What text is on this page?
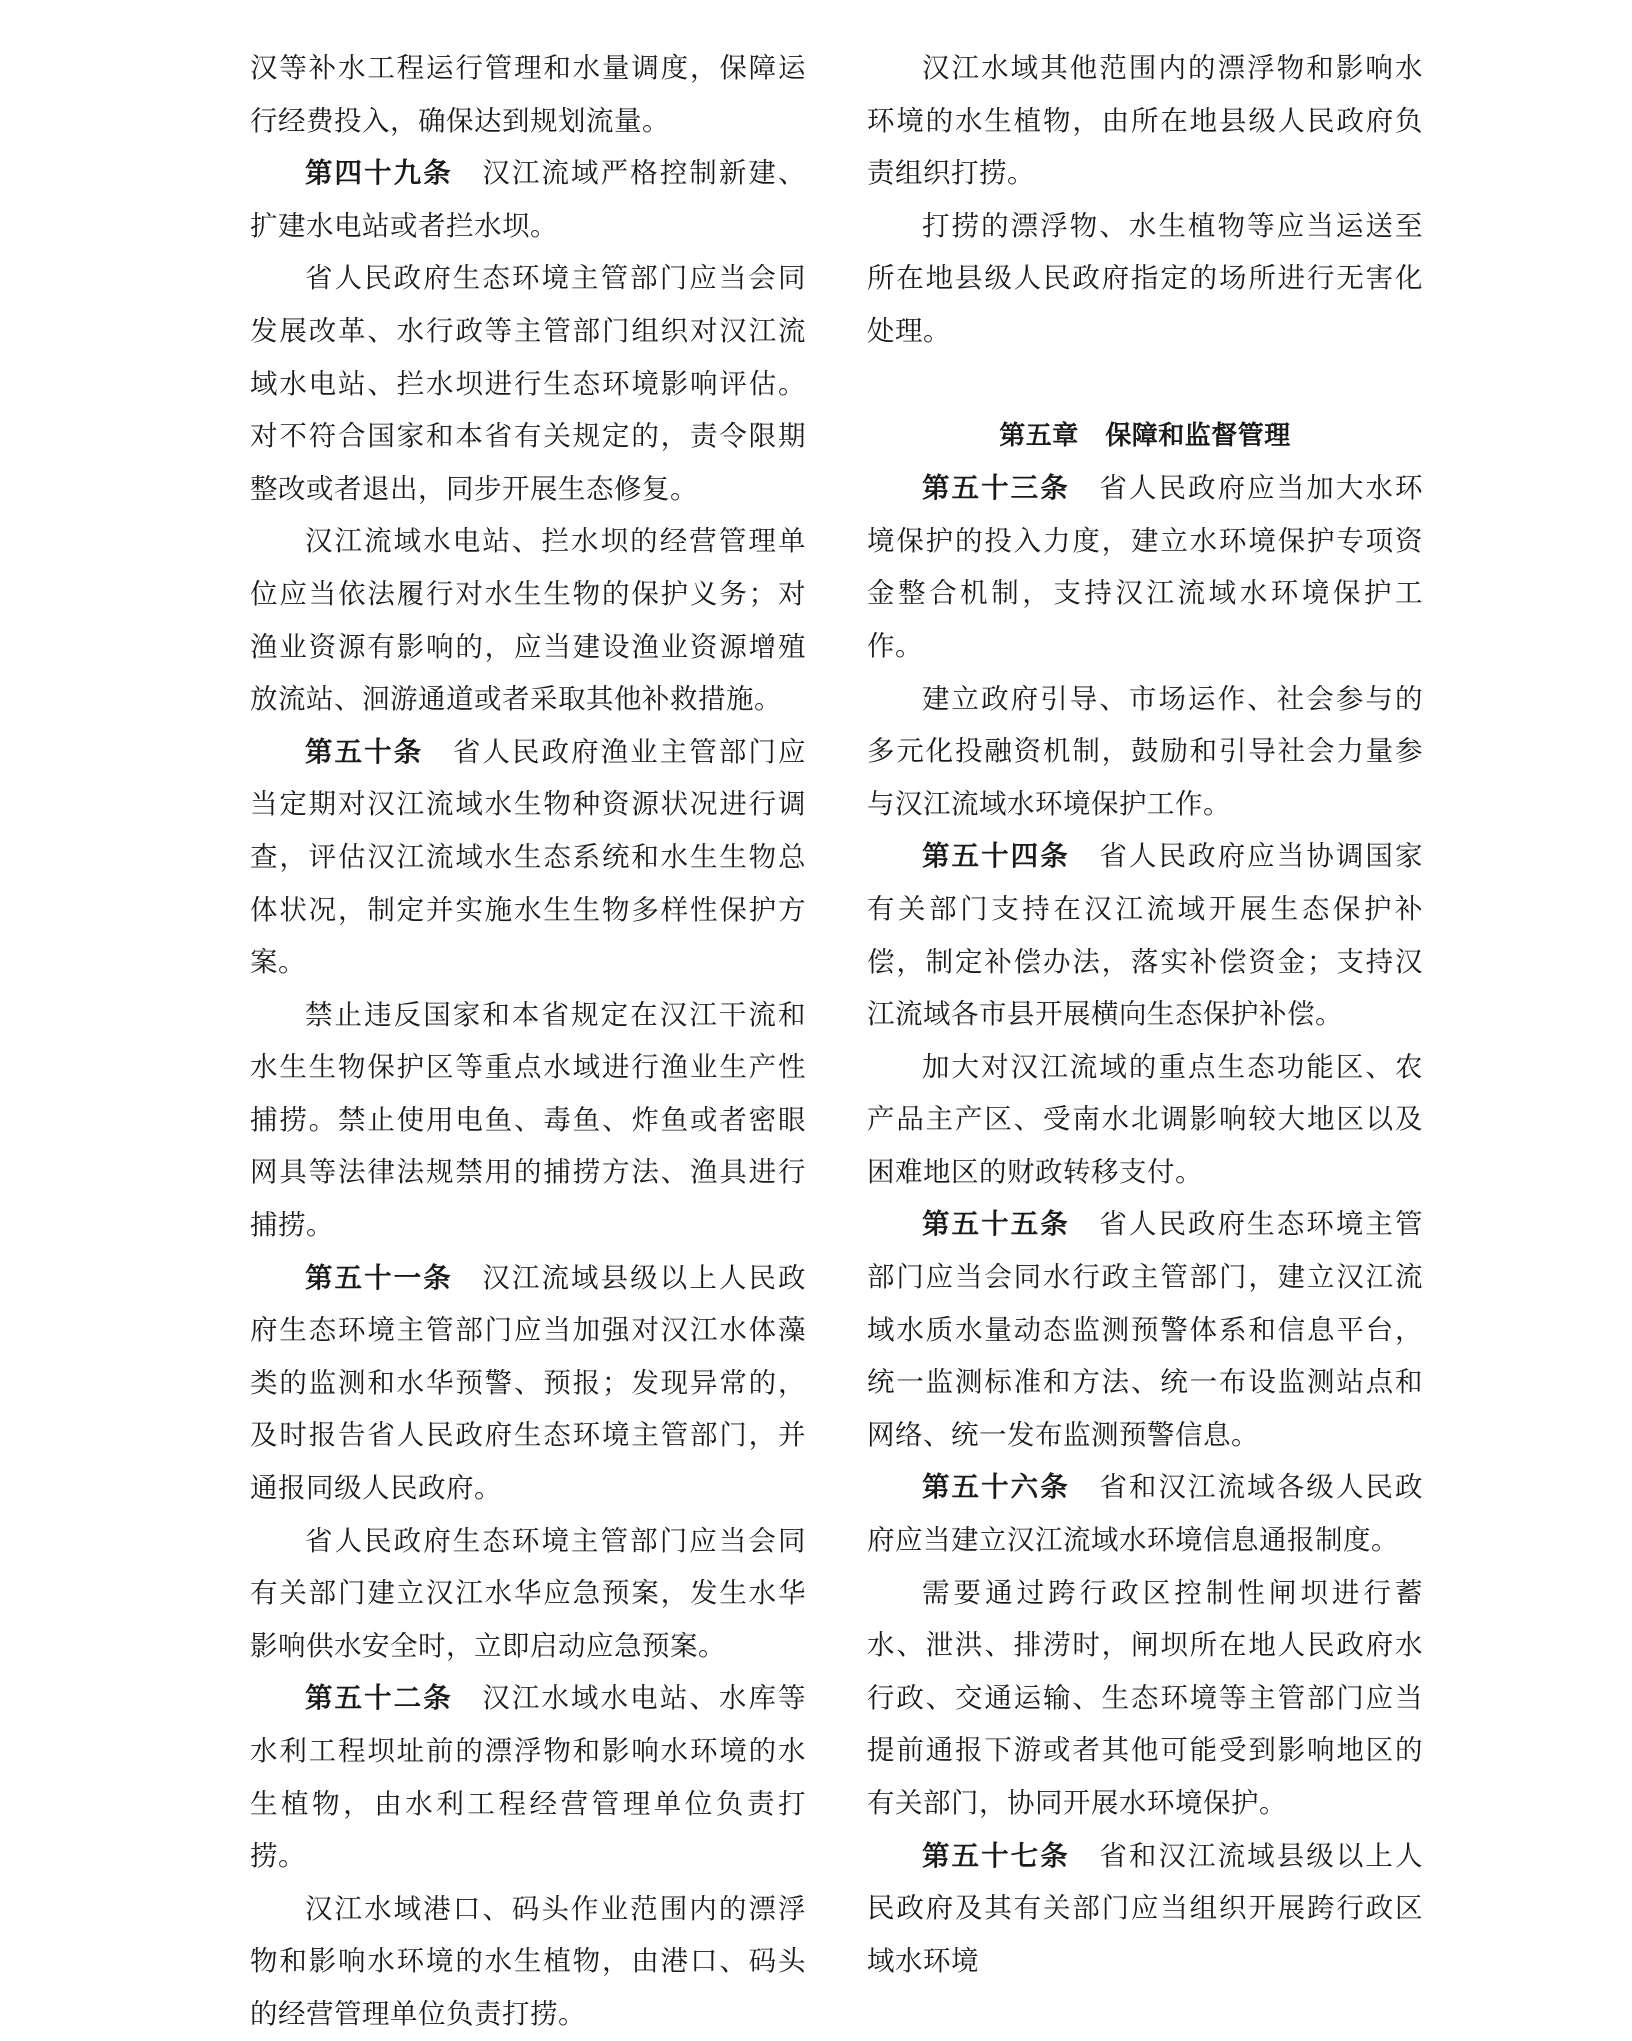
汉等补水工程运行管理和水量调度，保障运行经费投入，确保达到规划流量。

第四十九条 汉江流域严格控制新建、扩建水电站或者拦水坝。

省人民政府生态环境主管部门应当会同发展改革、水行政等主管部门组织对汉江流域水电站、拦水坝进行生态环境影响评估。对不符合国家和本省有关规定的，责令限期整改或者退出，同步开展生态修复。

汉江流域水电站、拦水坝的经营管理单位应当依法履行对水生生物的保护义务；对渔业资源有影响的，应当建设渔业资源增殖放流站、洄游通道或者采取其他补救措施。

第五十条 省人民政府渔业主管部门应当定期对汉江流域水生物种资源状况进行调查，评估汉江流域水生态系统和水生生物总体状况，制定并实施水生生物多样性保护方案。

禁止违反国家和本省规定在汉江干流和水生生物保护区等重点水域进行渔业生产性捕捞。禁止使用电鱼、毒鱼、炸鱼或者密眼网具等法律法规禁用的捕捞方法、渔具进行捕捞。

第五十一条 汉江流域县级以上人民政府生态环境主管部门应当加强对汉江水体藻类的监测和水华预警、预报；发现异常的，及时报告省人民政府生态环境主管部门，并通报同级人民政府。

省人民政府生态环境主管部门应当会同有关部门建立汉江水华应急预案，发生水华影响供水安全时，立即启动应急预案。

第五十二条 汉江水域水电站、水库等水利工程坝址前的漂浮物和影响水环境的水生植物，由水利工程经营管理单位负责打捞。

汉江水域港口、码头作业范围内的漂浮物和影响水环境的水生植物，由港口、码头的经营管理单位负责打捞。

汉江水域其他范围内的漂浮物和影响水环境的水生植物，由所在地县级人民政府负责组织打捞。

打捞的漂浮物、水生植物等应当运送至所在地县级人民政府指定的场所进行无害化处理。

第五章　保障和监督管理

第五十三条 省人民政府应当加大水环境保护的投入力度，建立水环境保护专项资金整合机制，支持汉江流域水环境保护工作。

建立政府引导、市场运作、社会参与的多元化投融资机制，鼓励和引导社会力量参与汉江流域水环境保护工作。

第五十四条 省人民政府应当协调国家有关部门支持在汉江流域开展生态保护补偿，制定补偿办法，落实补偿资金；支持汉江流域各市县开展横向生态保护补偿。

加大对汉江流域的重点生态功能区、农产品主产区、受南水北调影响较大地区以及困难地区的财政转移支付。

第五十五条 省人民政府生态环境主管部门应当会同水行政主管部门，建立汉江流域水质水量动态监测预警体系和信息平台，统一监测标准和方法、统一布设监测站点和网络、统一发布监测预警信息。

第五十六条 省和汉江流域各级人民政府应当建立汉江流域水环境信息通报制度。

需要通过跨行政区控制性闸坝进行蓄水、泄洪、排涝时，闸坝所在地人民政府水行政、交通运输、生态环境等主管部门应当提前通报下游或者其他可能受到影响地区的有关部门，协同开展水环境保护。

第五十七条 省和汉江流域县级以上人民政府及其有关部门应当组织开展跨行政区域水环境
